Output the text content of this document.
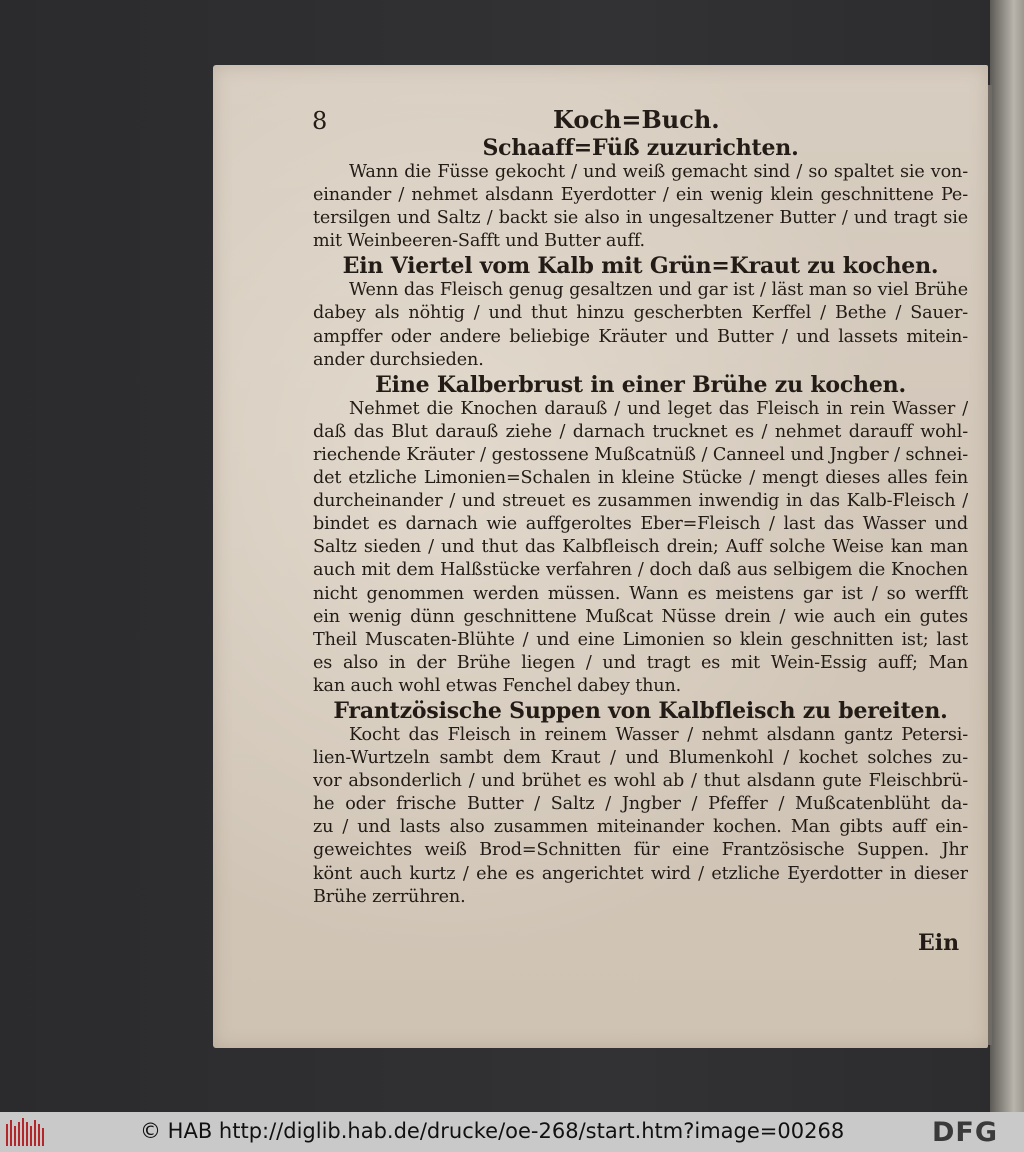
8	Koch=Buch.
Schaaff=Füß zuzurichten.
Wann die Füsse gekocht / und weiß gemacht sind / so spaltet sie von-
einander / nehmet alsdann Eyerdotter / ein wenig klein geschnittene Pe-
tersilgen und Saltz / backt sie also in ungesaltzener Butter / und tragt sie
mit Weinbeeren-Safft und Butter auff.
Ein Viertel vom Kalb mit Grün=Kraut zu kochen.
Wenn das Fleisch genug gesaltzen und gar ist / läst man so viel Brühe
dabey als nöhtig / und thut hinzu gescherbten Kerffel / Bethe / Sauer-
ampffer oder andere beliebige Kräuter und Butter / und lassets mitein-
ander durchsieden.
Eine Kalberbrust in einer Brühe zu kochen.
Nehmet die Knochen darauß / und leget das Fleisch in rein Wasser /
daß das Blut darauß ziehe / darnach trucknet es / nehmet darauff wohl-
riechende Kräuter / gestossene Mußcatnüß / Canneel und Jngber / schnei-
det etzliche Limonien=Schalen in kleine Stücke / mengt dieses alles fein
durcheinander / und streuet es zusammen inwendig in das Kalb-Fleisch /
bindet es darnach wie auffgeroltes Eber=Fleisch / last das Wasser und
Saltz sieden / und thut das Kalbfleisch drein; Auff solche Weise kan man
auch mit dem Halßstücke verfahren / doch daß aus selbigem die Knochen
nicht genommen werden müssen. Wann es meistens gar ist / so werfft
ein wenig dünn geschnittene Mußcat Nüsse drein / wie auch ein gutes
Theil Muscaten-Blühte / und eine Limonien so klein geschnitten ist; last
es also in der Brühe liegen / und tragt es mit Wein-Essig auff; Man
kan auch wohl etwas Fenchel dabey thun.
Frantzösische Suppen von Kalbfleisch zu bereiten.
Kocht das Fleisch in reinem Wasser / nehmt alsdann gantz Petersi-
lien-Wurtzeln sambt dem Kraut / und Blumenkohl / kochet solches zu-
vor absonderlich / und brühet es wohl ab / thut alsdann gute Fleischbrü-
he oder frische Butter / Saltz / Jngber / Pfeffer / Mußcatenblüht da-
zu / und lasts also zusammen miteinander kochen. Man gibts auff ein-
geweichtes weiß Brod=Schnitten für eine Frantzösische Suppen. Jhr
könt auch kurtz / ehe es angerichtet wird / etzliche Eyerdotter in dieser
Brühe zerrühren.
Ein
© HAB http://diglib.hab.de/drucke/oe-268/start.htm?image=00268	DFG
